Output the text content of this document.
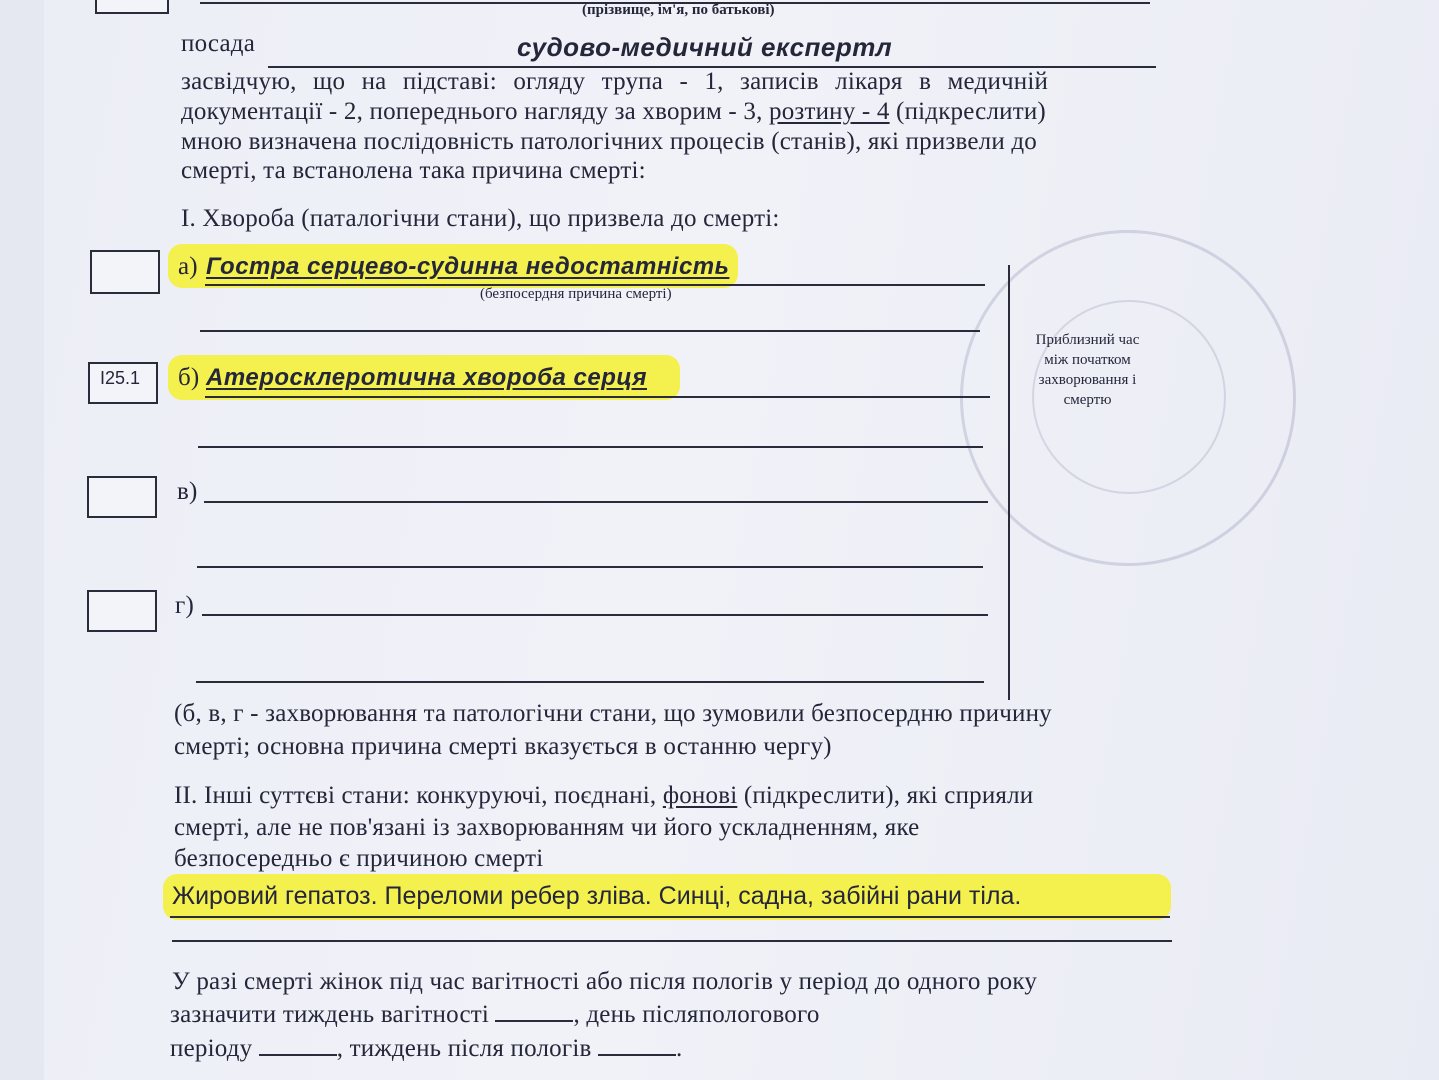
(прізвище, ім'я, по батькові)
посада	судово-медичний експертл
засвідчую, що на підставі: огляду трупа - 1, записів лікаря в медичній
документації - 2, попереднього нагляду за хворим - 3, розтину - 4 (підкреслити)
мною визначена послідовність патологічних процесів (станів), які призвели до
смерті, та встанолена така причина смерті:
І. Хвороба (паталогічни стани), що призвела до смерті:
Приблизний час між початком захворювання і смертю
а) Гостра серцево-судинна недостатність
(безпосердня причина смерті)
I25.1 б) Атеросклеротична хвороба серця
в)
г)
(б, в, г - захворювання та патологічни стани, що зумовили безпосердню причину
смерті; основна причина смерті вказується в останню чергу)
ІІ. Інші суттєві стани: конкуруючі, поєднані, фонові (підкреслити), які сприяли
смерті, але не пов'язані із захворюванням чи його ускладненням, яке
безпосередньо є причиною смерті
Жировий гепатоз. Переломи ребер зліва. Синці, садна, забійні рани тіла.
У разі смерті жінок під час вагітності або після пологів у період до одного року
зазначити тиждень вагітності	, день післяпологового
періоду	, тиждень після пологів	.
